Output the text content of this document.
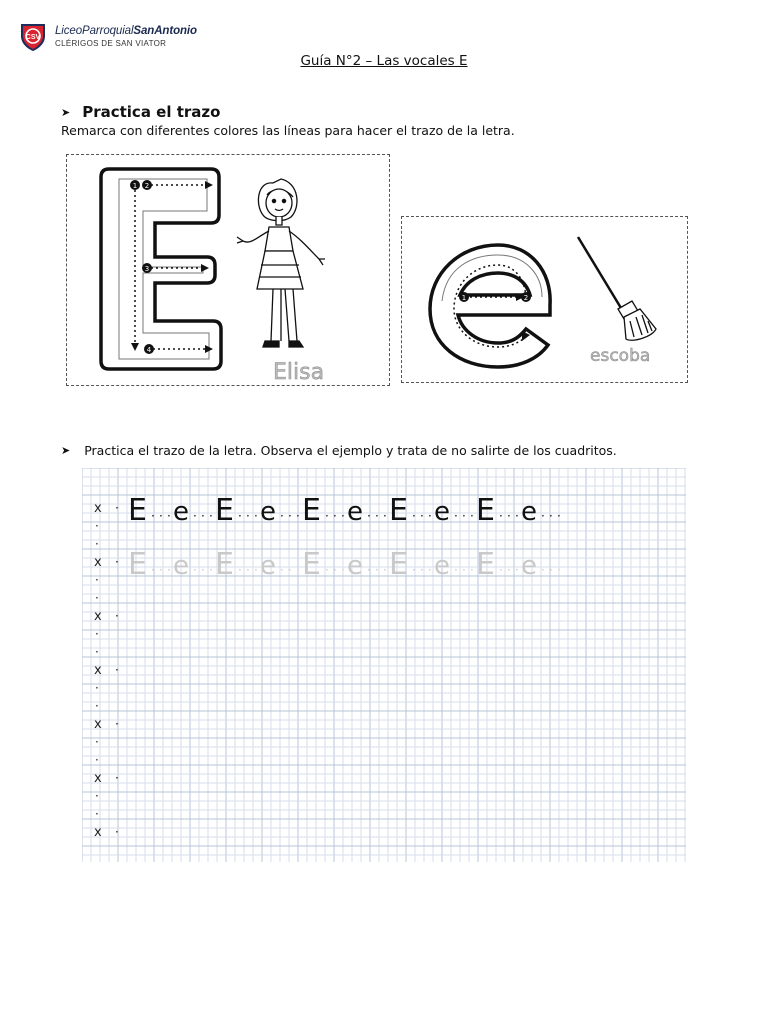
CSV
LiceoParroquialSanAntonio
CLÉRIGOS DE SAN VIATOR
Guía N°2 – Las vocales E
➤ Practica el trazo
Remarca con diferentes colores las líneas para hacer el trazo de la letra.
1 2
3
4
Elisa
1	2
escoba
➤ Practica el trazo de la letra. Observa el ejemplo y trata de no salirte de los cuadritos.
x ·
·
·
x ·
·
·
x ·
·
·
x ·
·
·
x ·
·
·
x ·
·
·
x ·
E · · · e · · · E · · · e · · · E · · · e · · · E · · · e · · · E · · · e · · ·
E · · · e · · · E · · · e · · · E · · · e · · · E · · · e · · · E · · · e · · ·
